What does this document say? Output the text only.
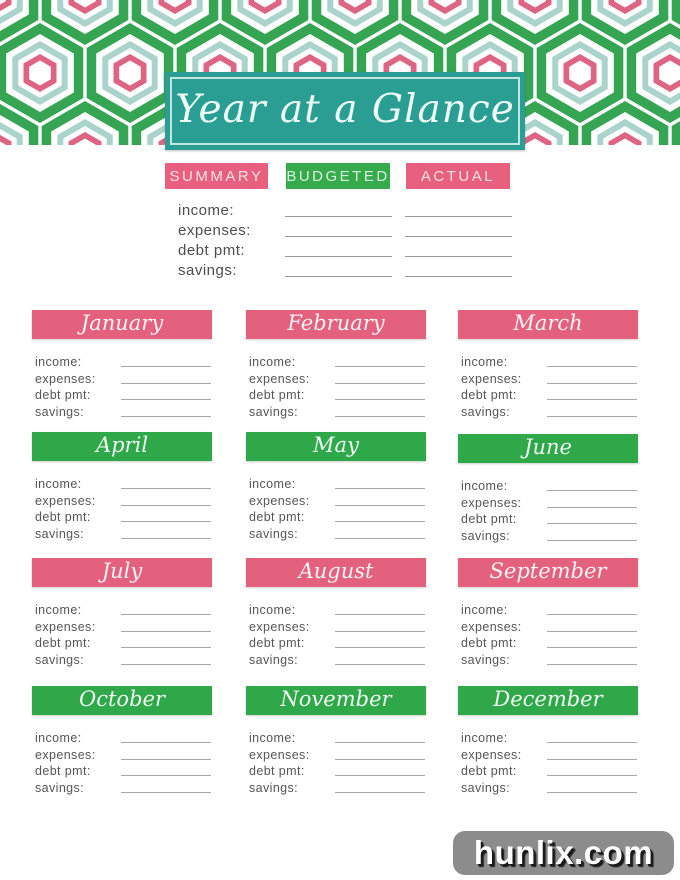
Year at a Glance
SUMMARY	BUDGETED	ACTUAL
income:
expenses:
debt pmt:
savings:
January
income:
expenses:
debt pmt:
savings:
February
income:
expenses:
debt pmt:
savings:
March
income:
expenses:
debt pmt:
savings:
April
income:
expenses:
debt pmt:
savings:
May
income:
expenses:
debt pmt:
savings:
June
income:
expenses:
debt pmt:
savings:
July
income:
expenses:
debt pmt:
savings:
August
income:
expenses:
debt pmt:
savings:
September
income:
expenses:
debt pmt:
savings:
October
income:
expenses:
debt pmt:
savings:
November
income:
expenses:
debt pmt:
savings:
December
income:
expenses:
debt pmt:
savings:
hunlix.com
